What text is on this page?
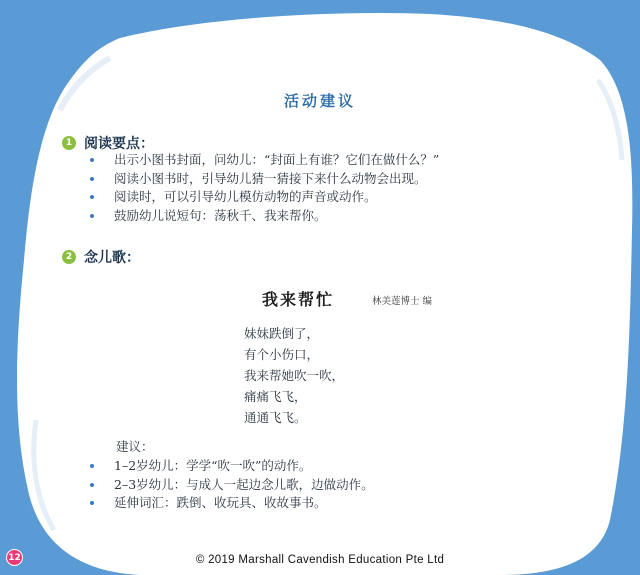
活动建议
1 阅读要点：
出示小图书封面，问幼儿：“封面上有谁？它们在做什么？”
阅读小图书时，引导幼儿猜一猜接下来什么动物会出现。
阅读时，可以引导幼儿模仿动物的声音或动作。
鼓励幼儿说短句：荡秋千、我来帮你。
2 念儿歌：
我来帮忙	林美莲博士 编
妹妹跌倒了，
有个小伤口，
我来帮她吹一吹，
痛痛飞飞，
通通飞飞。
建议：
1–2岁幼儿：学学“吹一吹”的动作。
2–3岁幼儿：与成人一起边念儿歌，边做动作。
延伸词汇：跌倒、收玩具、收故事书。
12	© 2019 Marshall Cavendish Education Pte Ltd
